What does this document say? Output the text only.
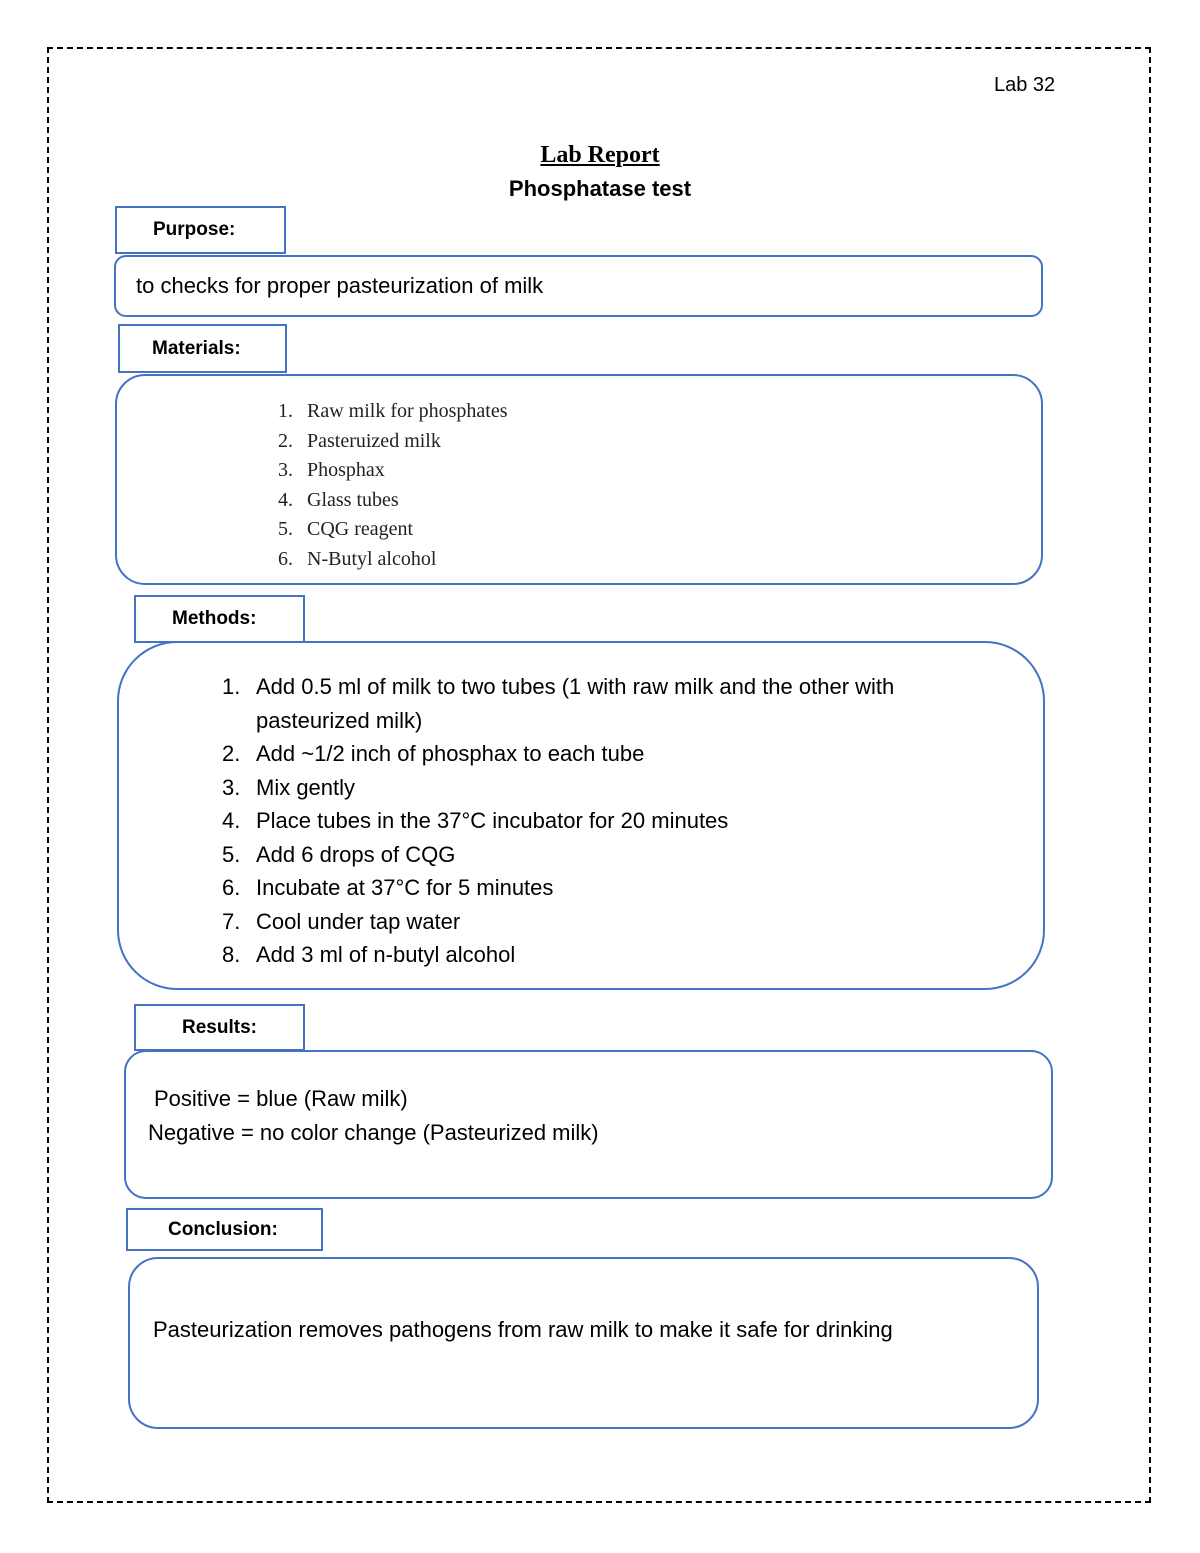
Lab 32
Lab Report
Phosphatase test
Purpose:
to checks for proper pasteurization of milk
Materials:
1. Raw milk for phosphates
2. Pasteruized milk
3. Phosphax
4. Glass tubes
5. CQG reagent
6. N-Butyl alcohol
Methods:
1. Add 0.5 ml of milk to two tubes (1 with raw milk and the other with pasteurized milk)
2. Add ~1/2 inch of phosphax to each tube
3. Mix gently
4. Place tubes in the 37°C incubator for 20 minutes
5. Add 6 drops of CQG
6. Incubate at 37°C for 5 minutes
7. Cool under tap water
8. Add 3 ml of n-butyl alcohol
Results:
Positive = blue (Raw milk)
Negative = no color change (Pasteurized milk)
Conclusion:
Pasteurization removes pathogens from raw milk to make it safe for drinking
